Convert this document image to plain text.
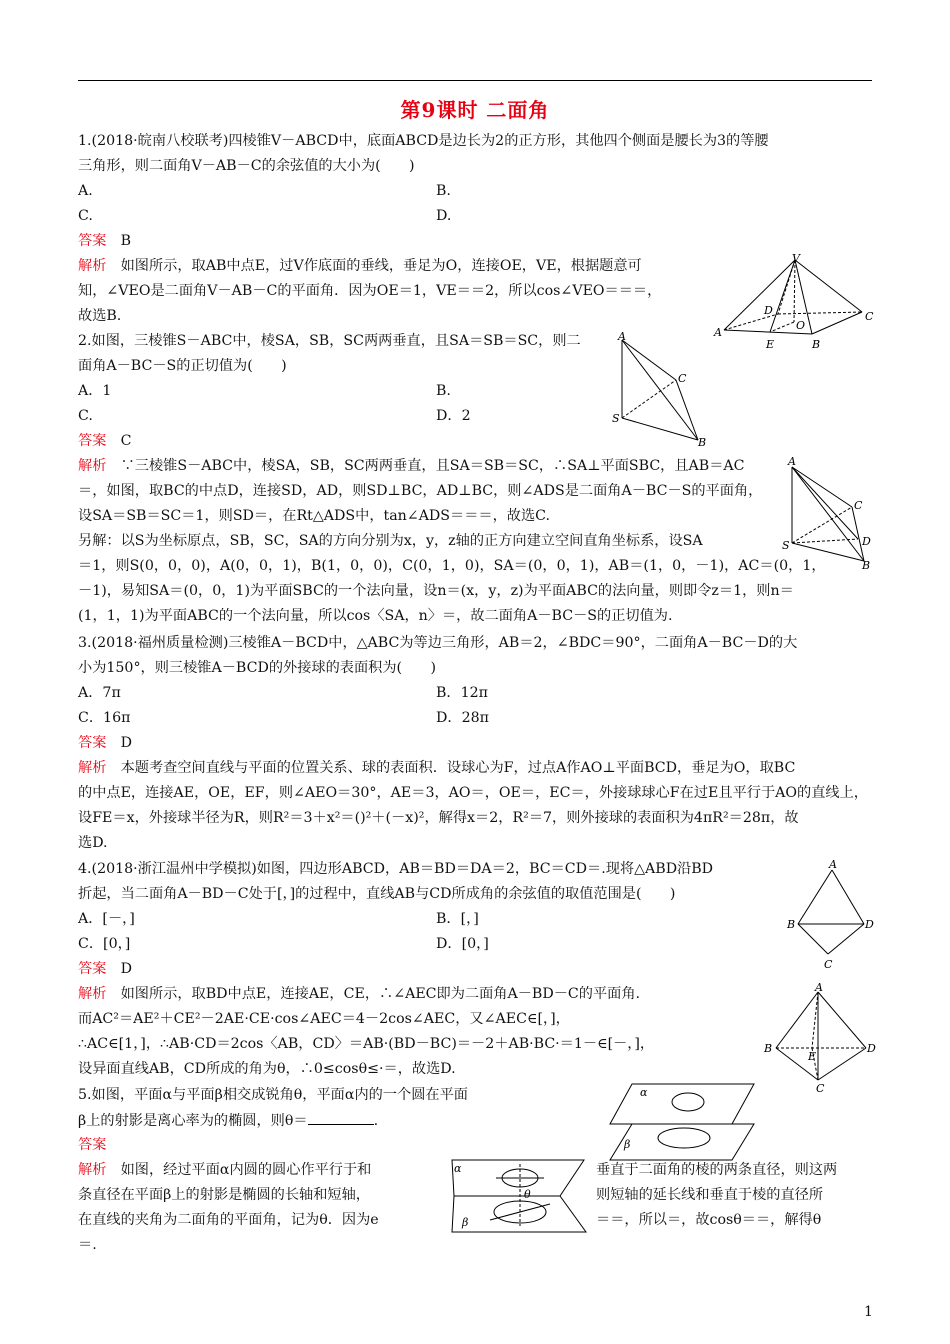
第9课时 二面角
1.(2018·皖南八校联考)四棱锥V－ABCD中，底面ABCD是边长为2的正方形，其他四个侧面是腰长为3的等腰
三角形，则二面角V－AB－C的余弦值的大小为(　　)
A.	B.
C.	D.
答案　 B
解析　 如图所示，取AB中点E，过V作底面的垂线，垂足为O，连接OE，VE，根据题意可
知，∠VEO是二面角V－AB－C的平面角．因为OE＝1，VE＝＝2，所以cos∠VEO＝＝＝，
故选B.
V
A
B
C
D
E
O
2.如图，三棱锥S－ABC中，棱SA，SB，SC两两垂直，且SA＝SB＝SC，则二
面角A－BC－S的正切值为(　　)
A．1	B.
C.	D．2
答案　 C
解析　 ∵三棱锥S－ABC中，棱SA，SB，SC两两垂直，且SA＝SB＝SC，∴SA⊥平面SBC，且AB＝AC
＝，如图，取BC的中点D，连接SD，AD，则SD⊥BC，AD⊥BC，则∠ADS是二面角A－BC－S的平面角，
设SA＝SB＝SC＝1，则SD＝，在Rt△ADS中，tan∠ADS＝＝＝，故选C.
另解：以S为坐标原点，SB，SC，SA的方向分别为x，y，z轴的正方向建立空间直角坐标系，设SA
＝1，则S(0，0，0)，A(0，0，1)，B(1，0，0)，C(0，1，0)，SA＝(0，0，1)，AB＝(1，0，－1)，AC＝(0，1，
－1)，易知SA＝(0，0，1)为平面SBC的一个法向量，设n＝(x，y，z)为平面ABC的法向量，则即令z＝1，则n＝
(1，1，1)为平面ABC的一个法向量，所以cos〈SA，n〉＝，故二面角A－BC－S的正切值为.
A
S
B
C
A
S
B
C
D
3.(2018·福州质量检测)三棱锥A－BCD中，△ABC为等边三角形，AB＝2，∠BDC＝90°，二面角A－BC－D的大
小为150°，则三棱锥A－BCD的外接球的表面积为(　　)
A．7π	B．12π
C．16π	D．28π
答案　 D
解析　 本题考查空间直线与平面的位置关系、球的表面积．设球心为F，过点A作AO⊥平面BCD，垂足为O，取BC
的中点E，连接AE，OE，EF，则∠AEO＝30°，AE＝3，AO＝，OE＝，EC＝，外接球球心F在过E且平行于AO的直线上，
设FE＝x，外接球半径为R，则R²＝3＋x²＝()²＋(－x)²，解得x＝2，R²＝7，则外接球的表面积为4πR²＝28π，故
选D.
4.(2018·浙江温州中学模拟)如图，四边形ABCD，AB＝BD＝DA＝2，BC＝CD＝.现将△ABD沿BD
折起，当二面角A－BD－C处于[，]的过程中，直线AB与CD所成角的余弦值的取值范围是(　　)
A．[－，]	B．[，]
C．[0，]	D．[0，]
答案　 D
解析　 如图所示，取BD中点E，连接AE，CE，∴∠AEC即为二面角A－BD－C的平面角.
而AC²＝AE²＋CE²－2AE·CE·cos∠AEC＝4－2cos∠AEC，又∠AEC∈[，]，
∴AC∈[1，]，∴AB·CD＝2cos〈AB，CD〉＝AB·(BD－BC)＝－2＋AB·BC·＝1－∈[－，]，
设异面直线AB，CD所成的角为θ，∴0≤cosθ≤·＝，故选D.
A
B	D
C
A
B	D
E
C
5.如图，平面α与平面β相交成锐角θ，平面α内的一个圆在平面
β上的射影是离心率为的椭圆，则θ＝	.
答案
解析　 如图，经过平面α内圆的圆心作平行于和
条直径在平面β上的射影是椭圆的长轴和短轴，
在直线的夹角为二面角的平面角，记为θ．因为e
＝.
垂直于二面角的棱的两条直径，则这两
则短轴的延长线和垂直于棱的直径所
＝＝，所以＝，故cosθ＝＝，解得θ
α
β
α
β
θ
1
